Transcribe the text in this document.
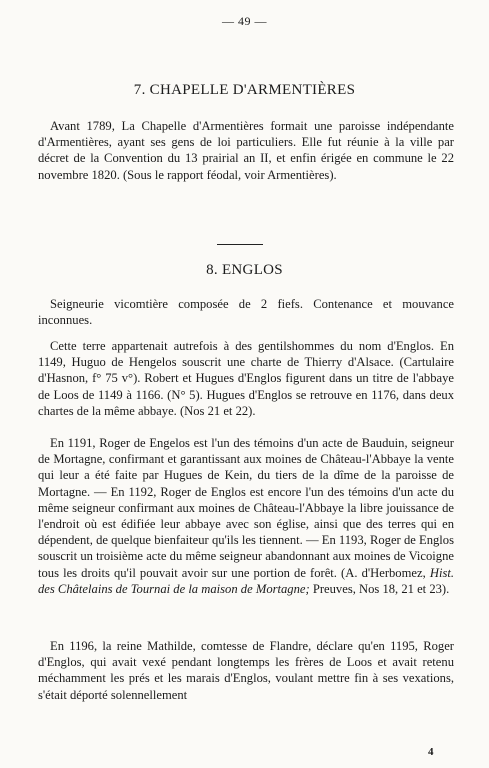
— 49 —
7. CHAPELLE D'ARMENTIÈRES

Avant 1789, La Chapelle d'Armentières formait une paroisse indépendante d'Armentières, ayant ses gens de loi particuliers. Elle fut réunie à la ville par décret de la Convention du 13 prairial an II, et enfin érigée en commune le 22 novembre 1820. (Sous le rapport féodal, voir Armentières).

8. ENGLOS

Seigneurie vicomtière composée de 2 fiefs. Contenance et mouvance inconnues.

Cette terre appartenait autrefois à des gentilshommes du nom d'Englos. En 1149, Huguo de Hengelos souscrit une charte de Thierry d'Alsace. (Cartulaire d'Hasnon, f° 75 v°). Robert et Hugues d'Englos figurent dans un titre de l'abbaye de Loos de 1149 à 1166. (N° 5). Hugues d'Englos se retrouve en 1176, dans deux chartes de la même abbaye. (Nos 21 et 22).

En 1191, Roger de Engelos est l'un des témoins d'un acte de Bauduin, seigneur de Mortagne, confirmant et garantissant aux moines de Château-l'Abbaye la vente qui leur a été faite par Hugues de Kein, du tiers de la dîme de la paroisse de Mortagne. — En 1192, Roger de Englos est encore l'un des témoins d'un acte du même seigneur confirmant aux moines de Château-l'Abbaye la libre jouissance de l'endroit où est édifiée leur abbaye avec son église, ainsi que des terres qui en dépendent, de quelque bienfaiteur qu'ils les tiennent. — En 1193, Roger de Englos souscrit un troisième acte du même seigneur abandonnant aux moines de Vicoigne tous les droits qu'il pouvait avoir sur une portion de forêt. (A. d'Herbomez, Hist. des Châtelains de Tournai de la maison de Mortagne; Preuves, Nos 18, 21 et 23).

En 1196, la reine Mathilde, comtesse de Flandre, déclare qu'en 1195, Roger d'Englos, qui avait vexé pendant longtemps les frères de Loos et avait retenu méchamment les prés et les marais d'Englos, voulant mettre fin à ses vexations, s'était déporté solennellement

4
